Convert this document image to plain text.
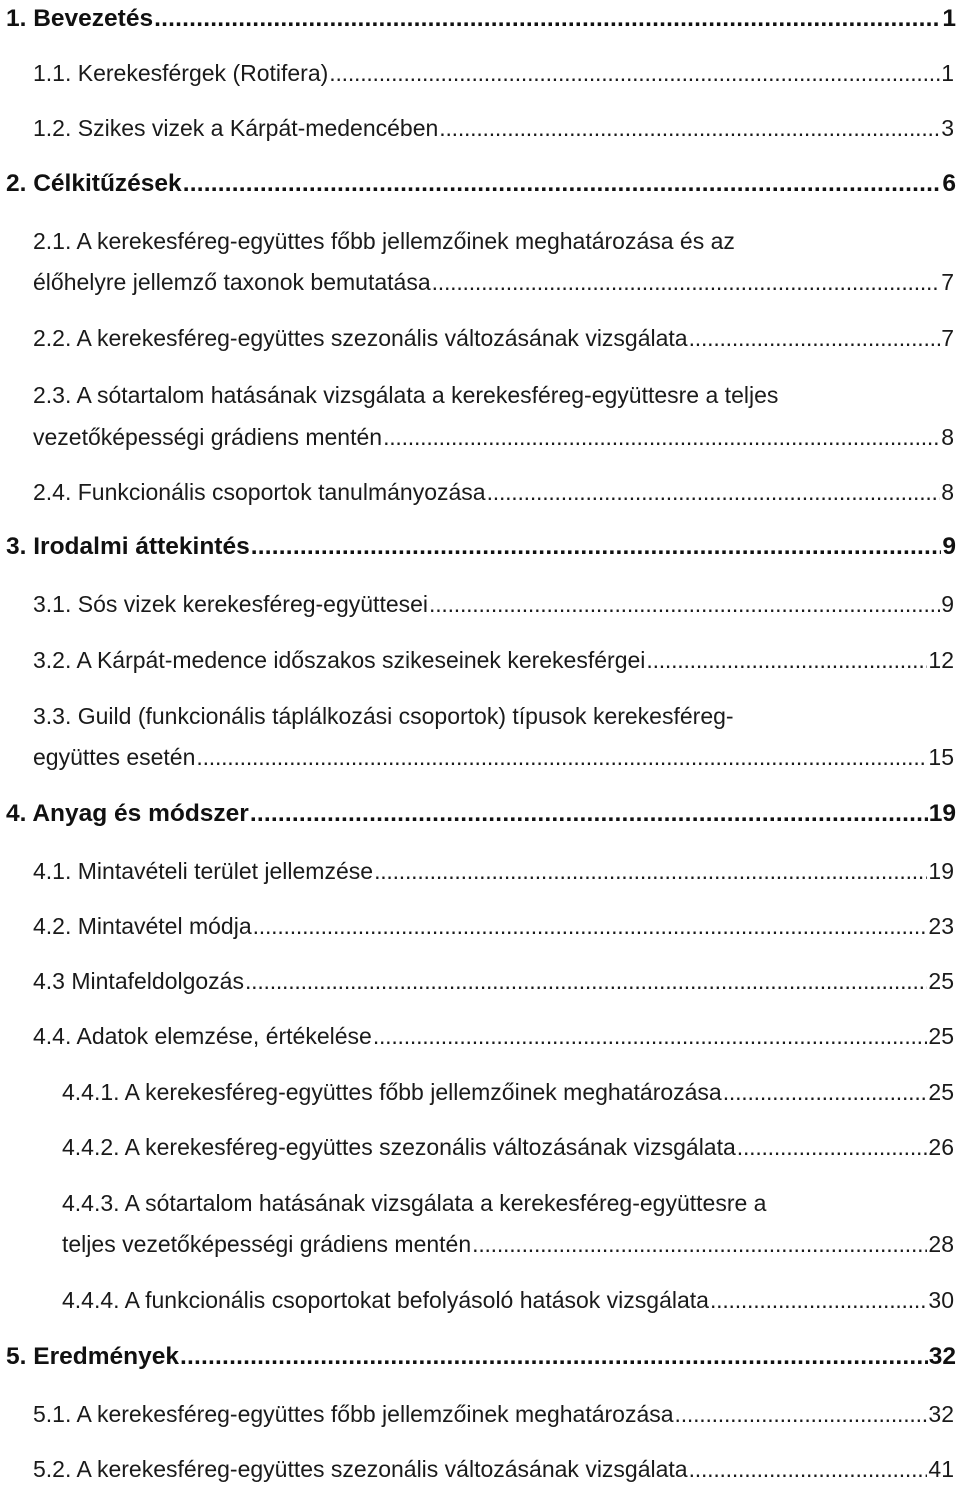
1. Bevezetés . . .	1
1.1. Kerekesférgek (Rotifera) . . .	1
1.2. Szikes vizek a Kárpát-medencében . . .	3
2. Célkitűzések . . .	6
2.1. A kerekesféreg-együttes főbb jellemzőinek meghatározása és az
élőhelyre jellemző taxonok bemutatása . . .	7
2.2. A kerekesféreg-együttes szezonális változásának vizsgálata . . .	7
2.3. A sótartalom hatásának vizsgálata a kerekesféreg-együttesre a teljes
vezetőképességi grádiens mentén . . .	8
2.4. Funkcionális csoportok tanulmányozása . . .	8
3. Irodalmi áttekintés . . .	9
3.1. Sós vizek kerekesféreg-együttesei . . .	9
3.2. A Kárpát-medence időszakos szikeseinek kerekesférgei . . .	12
3.3. Guild (funkcionális táplálkozási csoportok) típusok kerekesféreg-
együttes esetén . . .	15
4. Anyag és módszer . . .	19
4.1. Mintavételi terület jellemzése . . .	19
4.2. Mintavétel módja . . .	23
4.3 Mintafeldolgozás . . .	25
4.4. Adatok elemzése, értékelése . . .	25
4.4.1. A kerekesféreg-együttes főbb jellemzőinek meghatározása . . .	25
4.4.2. A kerekesféreg-együttes szezonális változásának vizsgálata . . .	26
4.4.3. A sótartalom hatásának vizsgálata a kerekesféreg-együttesre a
teljes vezetőképességi grádiens mentén . . .	28
4.4.4. A funkcionális csoportokat befolyásoló hatások vizsgálata . . .	30
5. Eredmények . . .	32
5.1. A kerekesféreg-együttes főbb jellemzőinek meghatározása . . .	32
5.2. A kerekesféreg-együttes szezonális változásának vizsgálata . . .	41
